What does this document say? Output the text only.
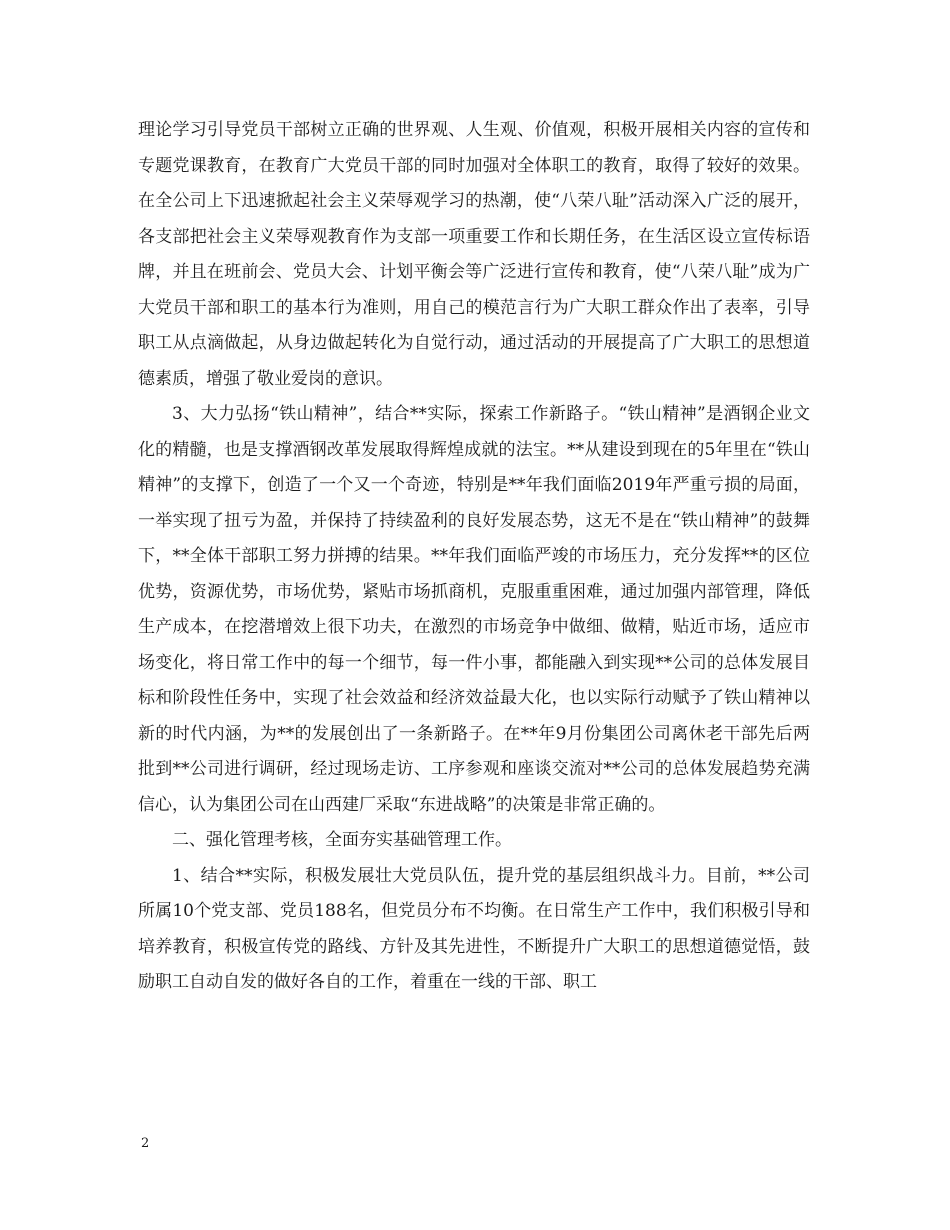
理论学习引导党员干部树立正确的世界观、人生观、价值观，积极开展相关内容的宣传和专题党课教育，在教育广大党员干部的同时加强对全体职工的教育，取得了较好的效果。在全公司上下迅速掀起社会主义荣辱观学习的热潮，使“八荣八耻”活动深入广泛的展开，各支部把社会主义荣辱观教育作为支部一项重要工作和长期任务，在生活区设立宣传标语牌，并且在班前会、党员大会、计划平衡会等广泛进行宣传和教育，使“八荣八耻”成为广大党员干部和职工的基本行为准则，用自己的模范言行为广大职工群众作出了表率，引导职工从点滴做起，从身边做起转化为自觉行动，通过活动的开展提高了广大职工的思想道德素质，增强了敬业爱岗的意识。

3、大力弘扬“铁山精神”，结合**实际，探索工作新路子。“铁山精神”是酒钢企业文化的精髓，也是支撑酒钢改革发展取得辉煌成就的法宝。**从建设到现在的5年里在“铁山精神”的支撑下，创造了一个又一个奇迹，特别是**年我们面临2019年严重亏损的局面，一举实现了扭亏为盈，并保持了持续盈利的良好发展态势，这无不是在“铁山精神”的鼓舞下，**全体干部职工努力拼搏的结果。**年我们面临严竣的市场压力，充分发挥**的区位优势，资源优势，市场优势，紧贴市场抓商机，克服重重困难，通过加强内部管理，降低生产成本，在挖潜增效上很下功夫，在激烈的市场竞争中做细、做精，贴近市场，适应市场变化，将日常工作中的每一个细节，每一件小事，都能融入到实现**公司的总体发展目标和阶段性任务中，实现了社会效益和经济效益最大化，也以实际行动赋予了铁山精神以新的时代内涵，为**的发展创出了一条新路子。在**年9月份集团公司离休老干部先后两批到**公司进行调研，经过现场走访、工序参观和座谈交流对**公司的总体发展趋势充满信心，认为集团公司在山西建厂采取“东进战略”的决策是非常正确的。

二、强化管理考核，全面夯实基础管理工作。

1、结合**实际，积极发展壮大党员队伍，提升党的基层组织战斗力。目前，**公司所属10个党支部、党员188名，但党员分布不均衡。在日常生产工作中，我们积极引导和培养教育，积极宣传党的路线、方针及其先进性，不断提升广大职工的思想道德觉悟，鼓励职工自动自发的做好各自的工作，着重在一线的干部、职工

2
